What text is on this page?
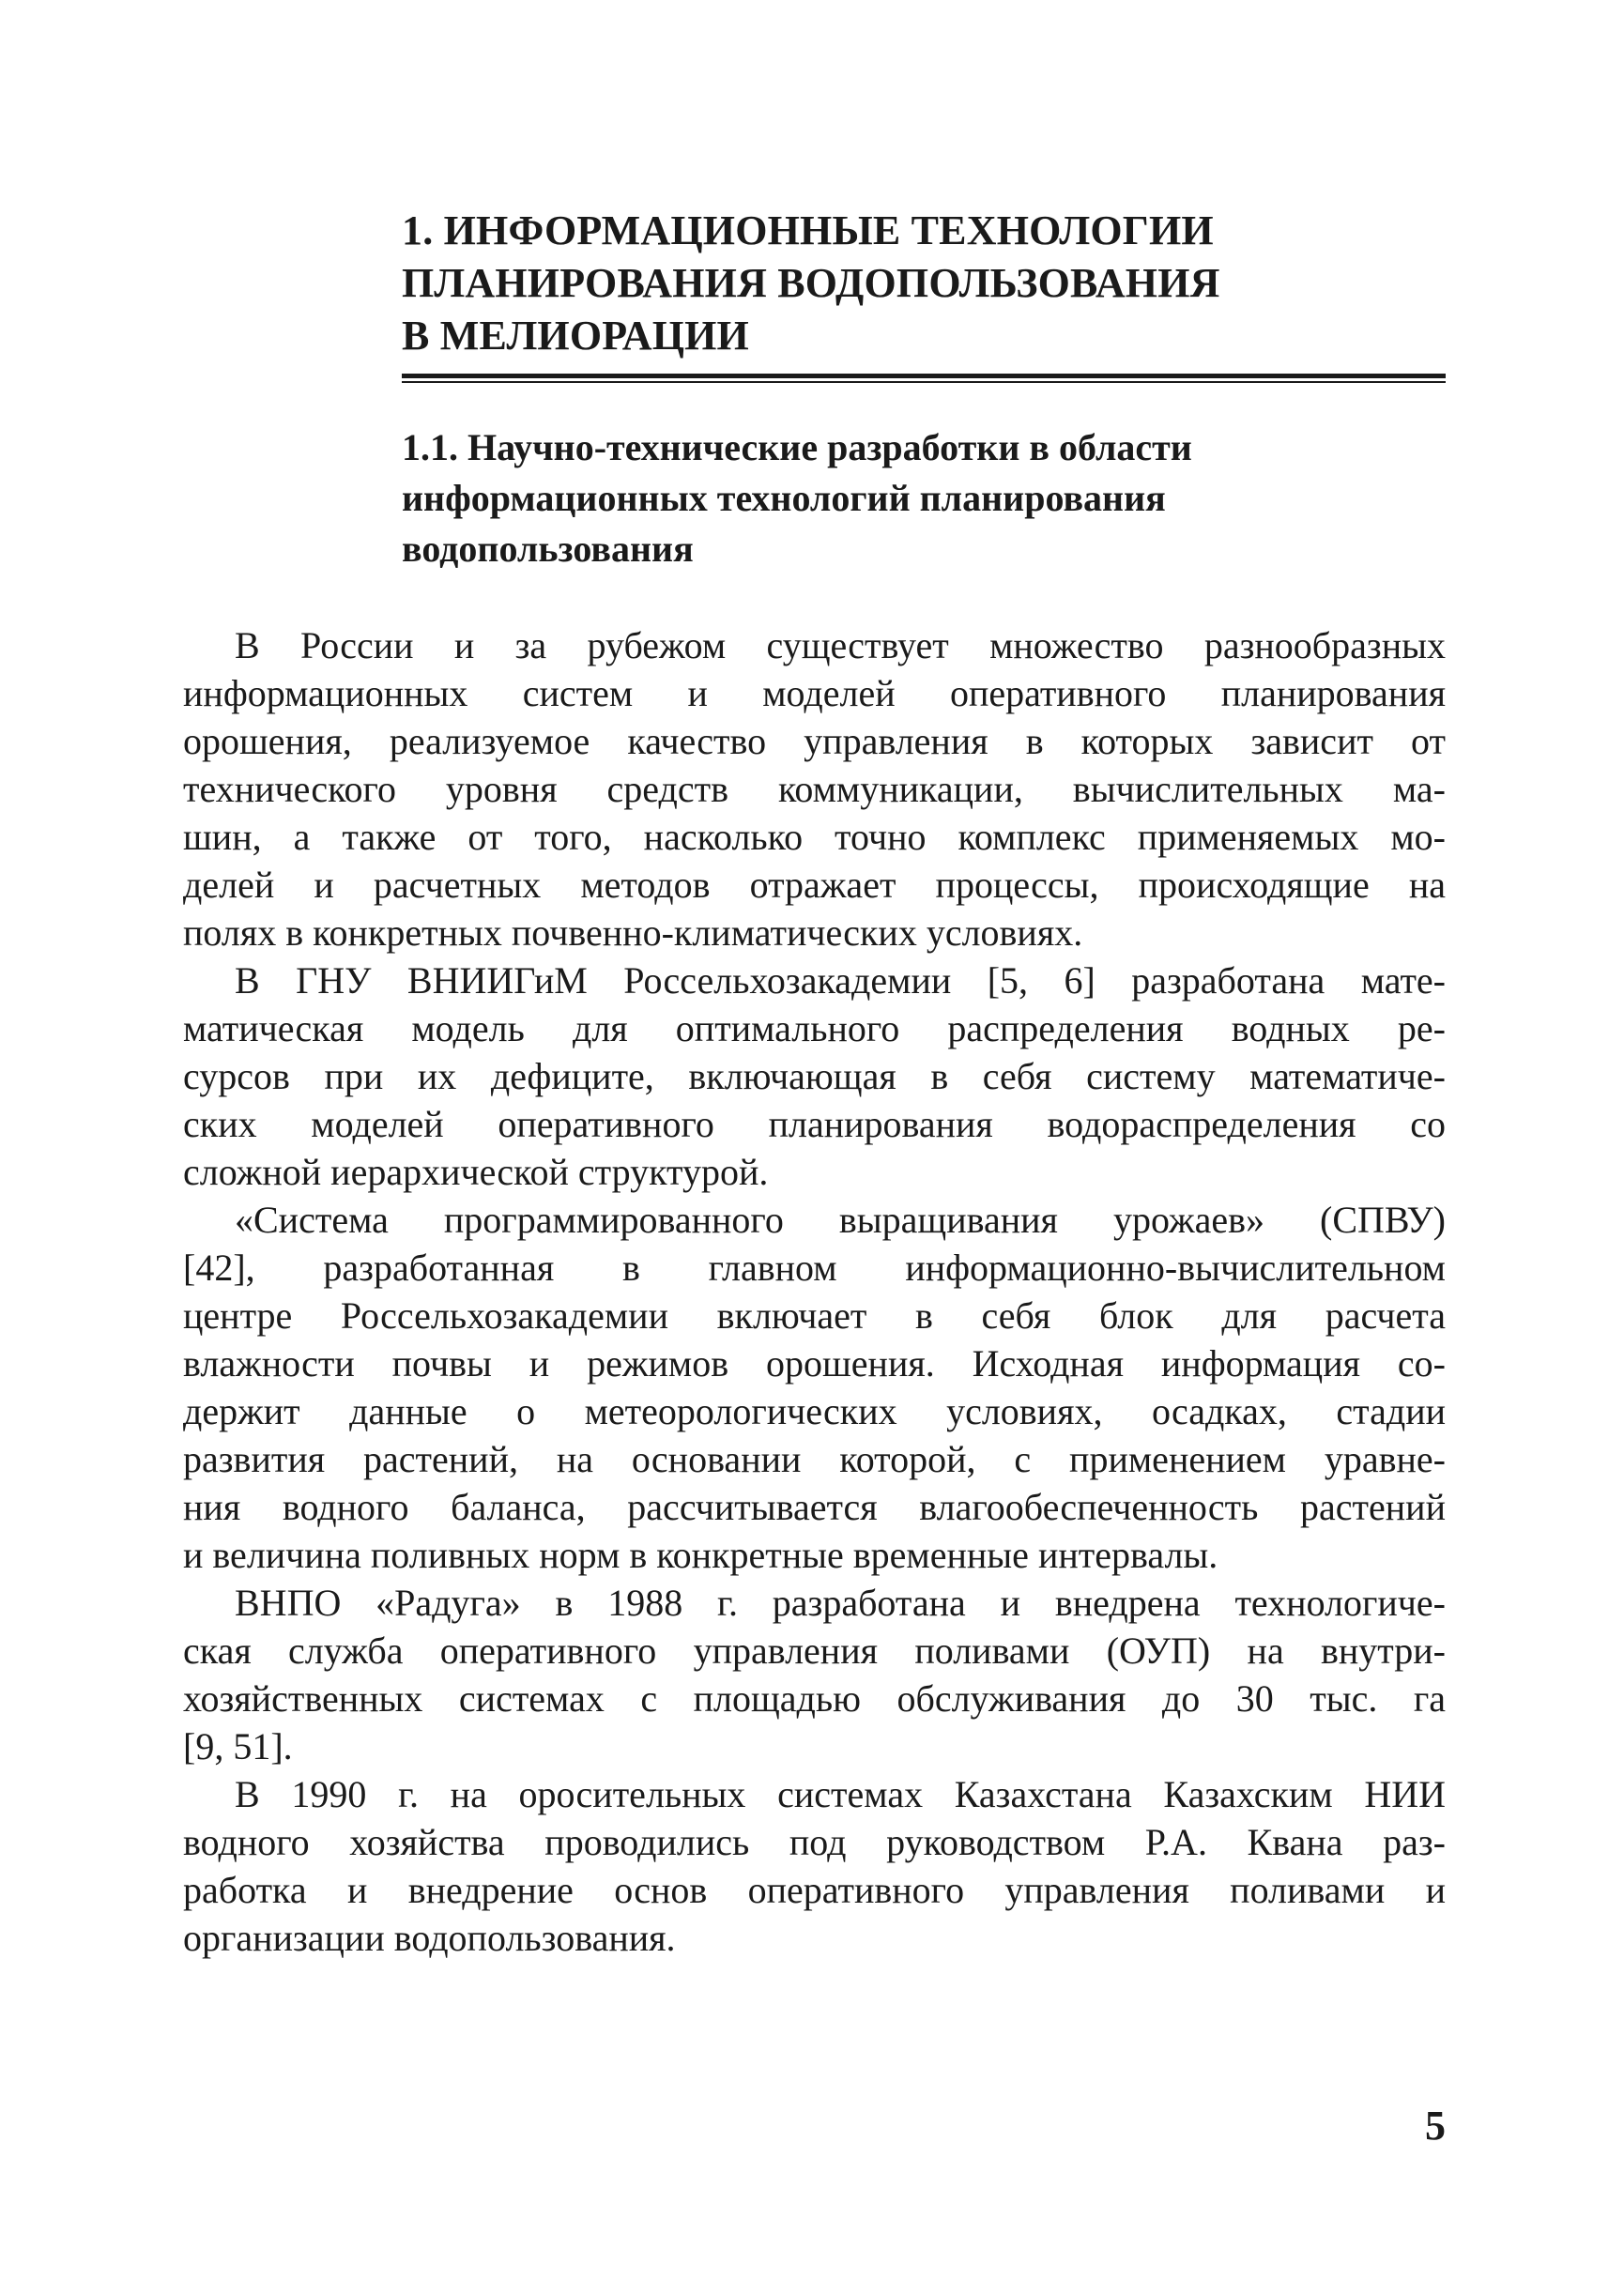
1. ИНФОРМАЦИОННЫЕ ТЕХНОЛОГИИ
ПЛАНИРОВАНИЯ ВОДОПОЛЬЗОВАНИЯ
В МЕЛИОРАЦИИ
1.1. Научно-технические разработки в области
информационных технологий планирования
водопользования

В России и за рубежом существует множество разнообразных
информационных систем и моделей оперативного планирования
орошения, реализуемое качество управления в которых зависит от
технического уровня средств коммуникации, вычислительных ма-
шин, а также от того, насколько точно комплекс применяемых мо-
делей и расчетных методов отражает процессы, происходящие на
полях в конкретных почвенно-климатических условиях.

В ГНУ ВНИИГиМ Россельхозакадемии [5, 6] разработана мате-
матическая модель для оптимального распределения водных ре-
сурсов при их дефиците, включающая в себя систему математиче-
ских моделей оперативного планирования водораспределения со
сложной иерархической структурой.

«Система программированного выращивания урожаев» (СПВУ)
[42], разработанная в главном информационно-вычислительном
центре Россельхозакадемии включает в себя блок для расчета
влажности почвы и режимов орошения. Исходная информация со-
держит данные о метеорологических условиях, осадках, стадии
развития растений, на основании которой, с применением уравне-
ния водного баланса, рассчитывается влагообеспеченность растений
и величина поливных норм в конкретные временные интервалы.

ВНПО «Радуга» в 1988 г. разработана и внедрена технологиче-
ская служба оперативного управления поливами (ОУП) на внутри-
хозяйственных системах с площадью обслуживания до 30 тыс. га
[9, 51].

В 1990 г. на оросительных системах Казахстана Казахским НИИ
водного хозяйства проводились под руководством Р.А. Квана раз-
работка и внедрение основ оперативного управления поливами и
организации водопользования.

5
